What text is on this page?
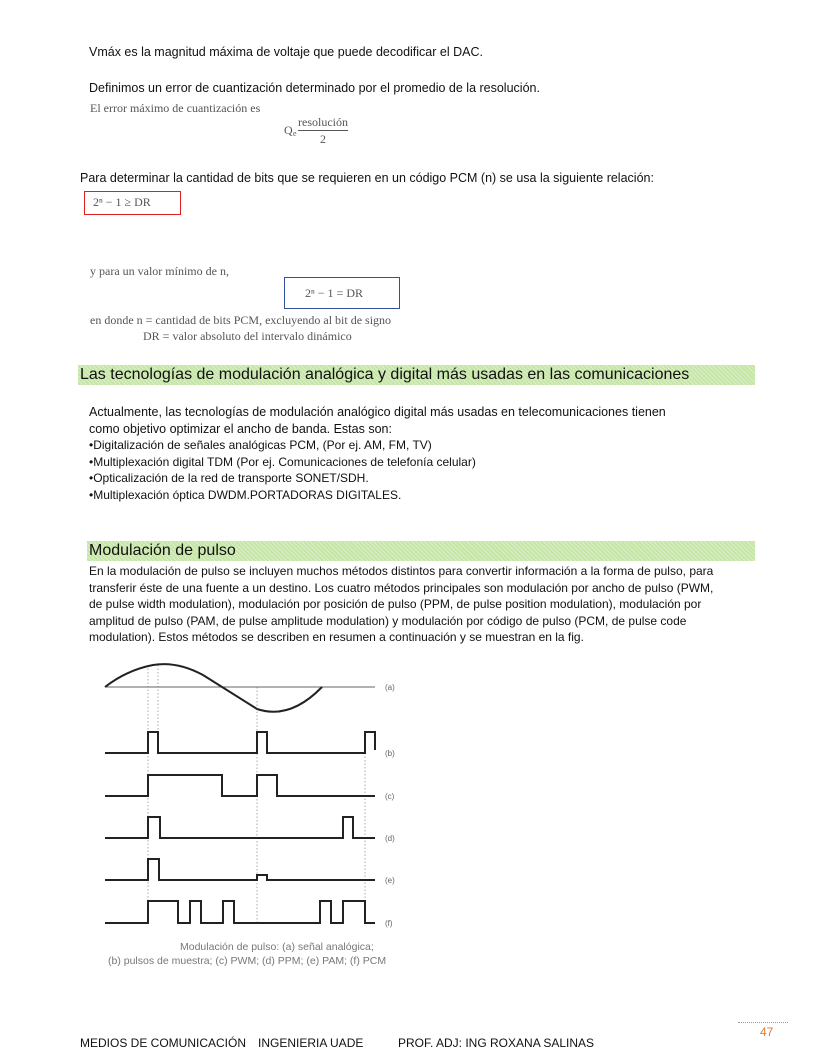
Vmáx es la magnitud máxima de voltaje que puede decodificar el DAC.
Definimos un error de cuantización determinado por el promedio de la resolución.
El error máximo de cuantización es
Q e
resolución
2
Para determinar la cantidad de bits que se requieren en un código PCM (n) se usa la siguiente relación:
2ⁿ − 1 ≥ DR
y para un valor mínimo de n,
2ⁿ − 1 = DR
en donde n = cantidad de bits PCM, excluyendo al bit de signo
DR = valor absoluto del intervalo dinámico
Las tecnologías de modulación analógica y digital más usadas en las comunicaciones
Actualmente, las tecnologías de modulación analógico digital más usadas en telecomunicaciones tienen
como objetivo optimizar el ancho de banda. Estas son:
•Digitalización de señales analógicas PCM, (Por ej. AM, FM, TV)
•Multiplexación digital TDM (Por ej. Comunicaciones de telefonía celular)
•Opticalización de la red de transporte SONET/SDH.
•Multiplexación óptica DWDM.PORTADORAS DIGITALES.
Modulación de pulso
En la modulación de pulso se incluyen muchos métodos distintos para convertir información a la forma de pulso, para
transferir éste de una fuente a un destino. Los cuatro métodos principales son modulación por ancho de pulso (PWM,
de pulse width modulation), modulación por posición de pulso (PPM, de pulse position modulation), modulación por
amplitud de pulso (PAM, de pulse amplitude modulation) y modulación por código de pulso (PCM, de pulse code
modulation). Estos métodos se describen en resumen a continuación y se muestran en la fig.
(a)
(b)
(c)
(d)
(e)
(f)
Modulación de pulso: (a) señal analógica;
(b) pulsos de muestra; (c) PWM; (d) PPM; (e) PAM; (f) PCM
47
MEDIOS DE COMUNICACIÓN INGENIERIA UADE	PROF. ADJ: ING ROXANA SALINAS
